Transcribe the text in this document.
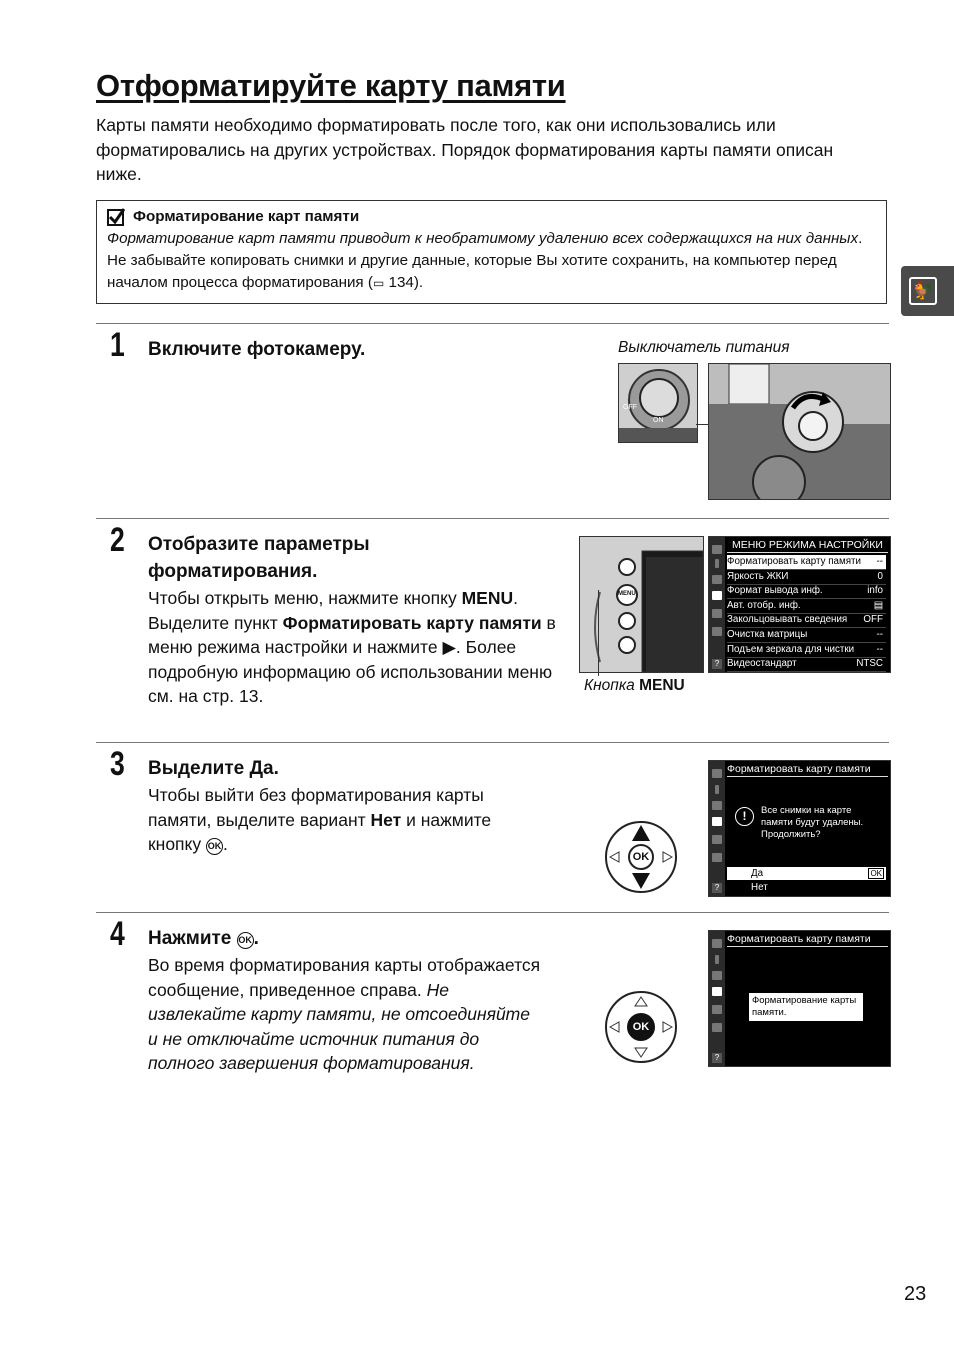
Отформатируйте карту памяти
Карты памяти необходимо форматировать после того, как они использовались или форматировались на других устройствах. Порядок форматирования карты памяти описан ниже.
Форматирование карт памяти
Форматирование карт памяти приводит к необратимому удалению всех содержащихся на них данных. Не забывайте копировать снимки и другие данные, которые Вы хотите сохранить, на компьютер перед началом процесса форматирования (▭ 134).	🐓
1 Включите фотокамеру.	Выключатель питания
OFF
ON
2 Отобразите параметры форматирования.
Чтобы открыть меню, нажмите кнопку MENU. Выделите пункт Форматировать карту памяти в меню режима настройки и нажмите ▶. Более подробную информацию об использовании меню см. на стр. 13.
MENU
Кнопка MENU
?
МЕНЮ РЕЖИМА НАСТРОЙКИ
Форматировать карту памяти --
Яркость ЖКИ	0
Формат вывода инф.	info
Авт. отобр. инф.	▤
Закольцовывать сведения OFF
Очистка матрицы	--
Подъем зеркала для чистки --
Видеостандарт	NTSC
3 Выделите Да.
Чтобы выйти без форматирования карты памяти, выделите вариант Нет и нажмите кнопку OK .
OK
?
Форматировать карту памяти
!	Все снимки на карте памяти будут удалены. Продолжить?
Да	OK
Нет
4 Нажмите OK.
Во время форматирования карты отображается сообщение, приведенное справа. Не извлекайте карту памяти, не отсоединяйте и не отключайте источник питания до полного завершения форматирования.
OK
?
Форматировать карту памяти
Форматирование карты памяти.
23
